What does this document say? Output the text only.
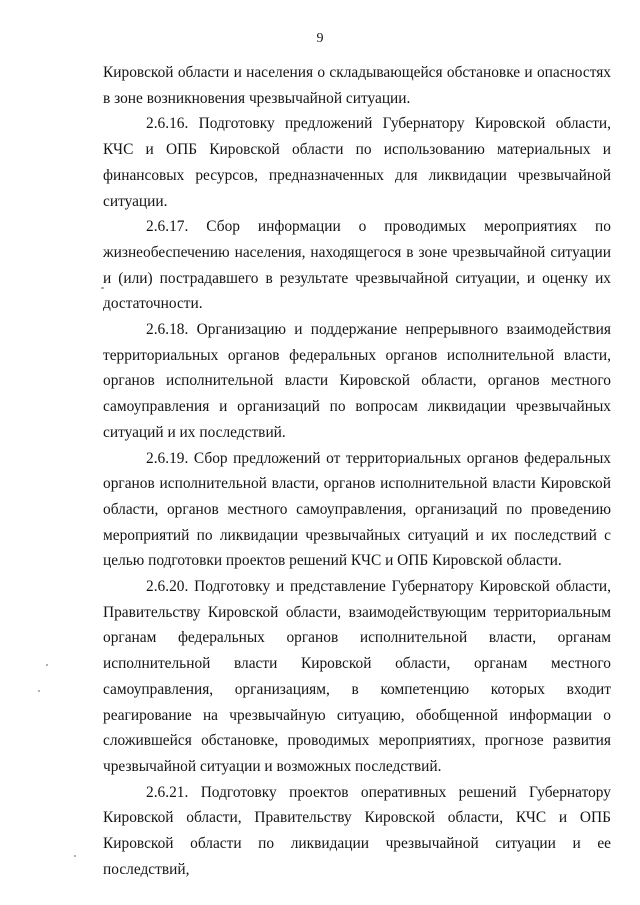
9

Кировской области и населения о складывающейся обстановке и опасностях в зоне возникновения чрезвычайной ситуации.

2.6.16. Подготовку предложений Губернатору Кировской области, КЧС и ОПБ Кировской области по использованию материальных и финансовых ресурсов, предназначенных для ликвидации чрезвычайной ситуации.

2.6.17. Сбор информации о проводимых мероприятиях по жизнеобеспечению населения, находящегося в зоне чрезвычайной ситуации и (или) пострадавшего в результате чрезвычайной ситуации, и оценку их достаточности.

2.6.18. Организацию и поддержание непрерывного взаимодействия территориальных органов федеральных органов исполнительной власти, органов исполнительной власти Кировской области, органов местного самоуправления и организаций по вопросам ликвидации чрезвычайных ситуаций и их последствий.

2.6.19. Сбор предложений от территориальных органов федеральных органов исполнительной власти, органов исполнительной власти Кировской области, органов местного самоуправления, организаций по проведению мероприятий по ликвидации чрезвычайных ситуаций и их последствий с целью подготовки проектов решений КЧС и ОПБ Кировской области.

2.6.20. Подготовку и представление Губернатору Кировской области, Правительству Кировской области, взаимодействующим территориальным органам федеральных органов исполнительной власти, органам исполнительной власти Кировской области, органам местного самоуправления, организациям, в компетенцию которых входит реагирование на чрезвычайную ситуацию, обобщенной информации о сложившейся обстановке, проводимых мероприятиях, прогнозе развития чрезвычайной ситуации и возможных последствий.

2.6.21. Подготовку проектов оперативных решений Губернатору Кировской области, Правительству Кировской области, КЧС и ОПБ Кировской области по ликвидации чрезвычайной ситуации и ее последствий,
